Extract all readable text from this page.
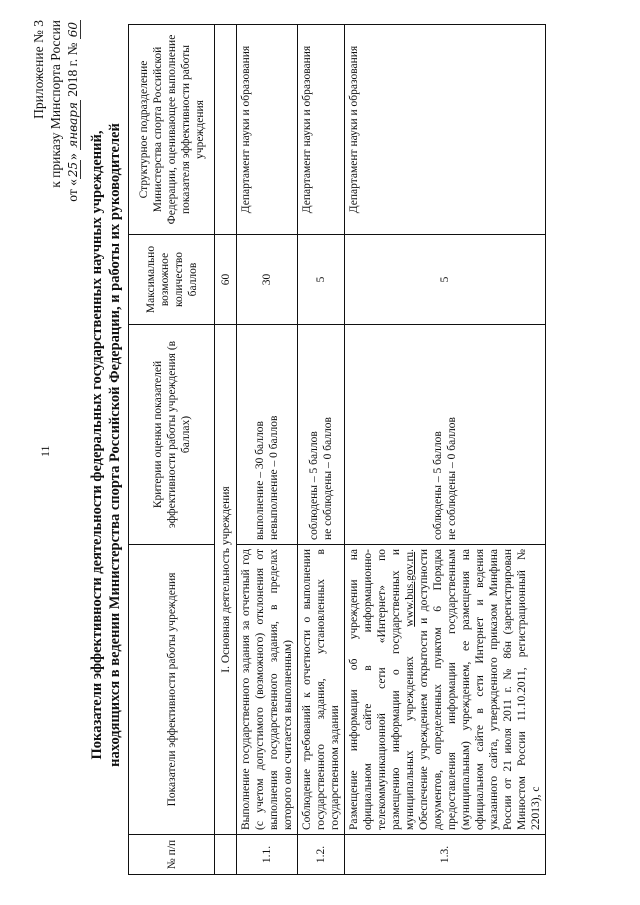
11
Приложение № 3 к приказу Минспорта России
от «25» января 2018 г. № 60
Показатели эффективности деятельности федеральных государственных научных учреждений, находящихся в ведении Министерства спорта Российской Федерации, и работы их руководителей
№ п/п	Показатели эффективности работы учреждения	Критерии оценки показателей эффективности работы учреждения (в баллах)	Максимально возможное количество баллов	Структурное подразделение Министерства спорта Российской Федерации, оценивающее выполнение показателя эффективности работы учреждения
	I. Основная деятельность учреждения		60	
1.1.	Выполнение государственного задания за отчетный год (с учетом допустимого (возможного) отклонения от выполнения государственного задания, в пределах которого оно считается выполненным)	выполнение – 30 баллов невыполнение – 0 баллов	30	Департамент науки и образования
1.2.	Соблюдение требований к отчетности о выполнении государственного задания, установленных в государственном задании	соблюдены – 5 баллов не соблюдены – 0 баллов	5	Департамент науки и образования
1.3.	Размещение информации об учреждении на официальном сайте в информационно-телекоммуникационной сети «Интернет» по размещению информации о государственных и муниципальных учреждениях www.bus.gov.ru. Обеспечение учреждением открытости и доступности документов, определенных пунктом 6 Порядка предоставления информации государственным (муниципальным) учреждением, ее размещения на официальном сайте в сети Интернет и ведения указанного сайта, утвержденного приказом Минфина России от 21 июля 2011 г. № 86н (зарегистрирован Минюстом России 11.10.2011, регистрационный № 22013), с	соблюдены – 5 баллов не соблюдены – 0 баллов	5	Департамент науки и образования
